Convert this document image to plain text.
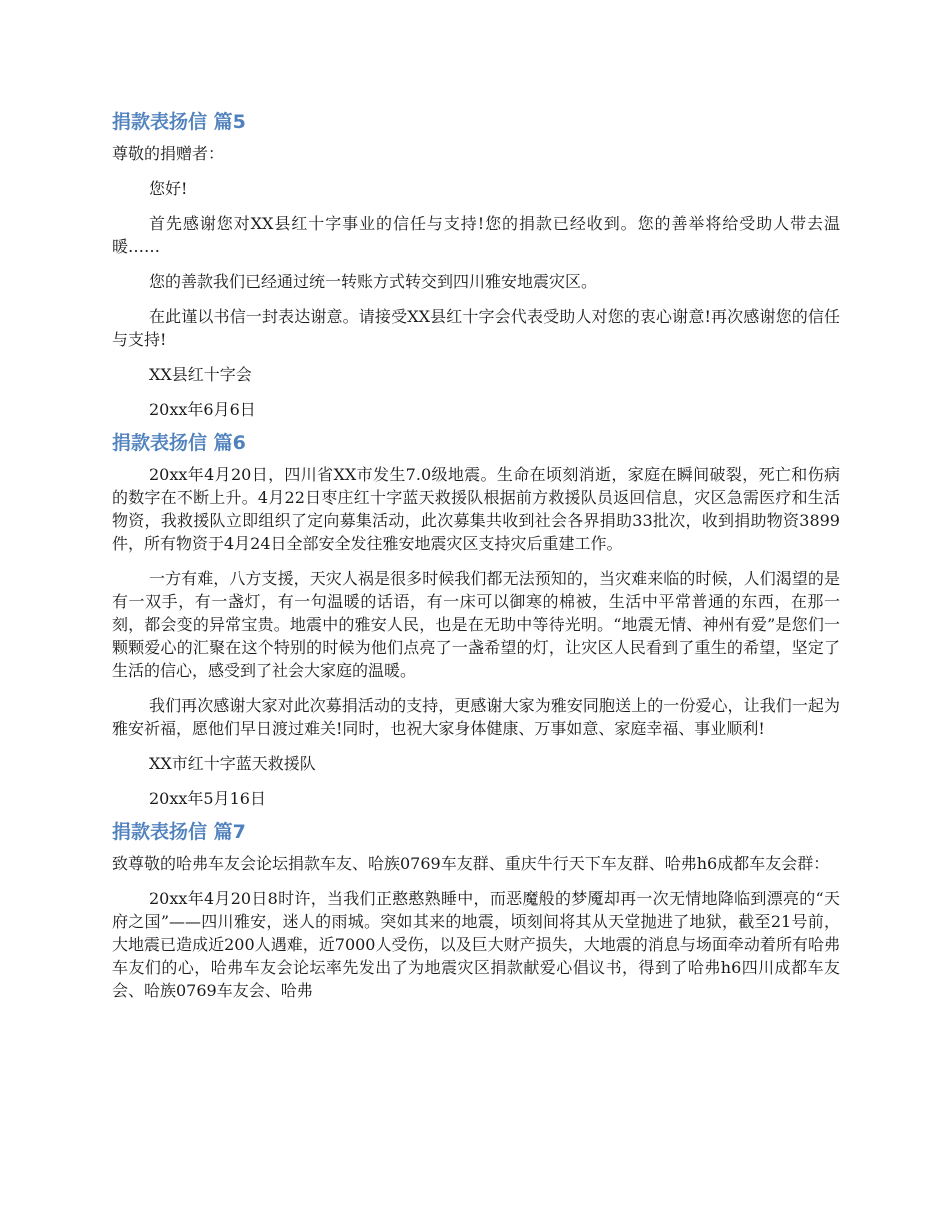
捐款表扬信 篇5

尊敬的捐赠者：

您好!

首先感谢您对XX县红十字事业的信任与支持!您的捐款已经收到。您的善举将给受助人带去温暖……

您的善款我们已经通过统一转账方式转交到四川雅安地震灾区。

在此谨以书信一封表达谢意。请接受XX县红十字会代表受助人对您的衷心谢意!再次感谢您的信任与支持!

XX县红十字会

20xx年6月6日

捐款表扬信 篇6

20xx年4月20日，四川省XX市发生7.0级地震。生命在顷刻消逝，家庭在瞬间破裂，死亡和伤病的数字在不断上升。4月22日枣庄红十字蓝天救援队根据前方救援队员返回信息，灾区急需医疗和生活物资，我救援队立即组织了定向募集活动，此次募集共收到社会各界捐助33批次，收到捐助物资3899件，所有物资于4月24日全部安全发往雅安地震灾区支持灾后重建工作。

一方有难，八方支援，天灾人祸是很多时候我们都无法预知的，当灾难来临的时候，人们渴望的是有一双手，有一盏灯，有一句温暖的话语，有一床可以御寒的棉被，生活中平常普通的东西，在那一刻，都会变的异常宝贵。地震中的雅安人民，也是在无助中等待光明。“地震无情、神州有爱”是您们一颗颗爱心的汇聚在这个特别的时候为他们点亮了一盏希望的灯，让灾区人民看到了重生的希望，坚定了生活的信心，感受到了社会大家庭的温暖。

我们再次感谢大家对此次募捐活动的支持，更感谢大家为雅安同胞送上的一份爱心，让我们一起为雅安祈福，愿他们早日渡过难关!同时，也祝大家身体健康、万事如意、家庭幸福、事业顺利!

XX市红十字蓝天救援队

20xx年5月16日

捐款表扬信 篇7

致尊敬的哈弗车友会论坛捐款车友、哈族0769车友群、重庆牛行天下车友群、哈弗h6成都车友会群：

20xx年4月20日8时许，当我们正憨憨熟睡中，而恶魔般的梦魇却再一次无情地降临到漂亮的“天府之国”——四川雅安，迷人的雨城。突如其来的地震，顷刻间将其从天堂抛进了地狱，截至21号前，大地震已造成近200人遇难，近7000人受伤，以及巨大财产损失，大地震的消息与场面牵动着所有哈弗车友们的心，哈弗车友会论坛率先发出了为地震灾区捐款献爱心倡议书，得到了哈弗h6四川成都车友会、哈族0769车友会、哈弗
